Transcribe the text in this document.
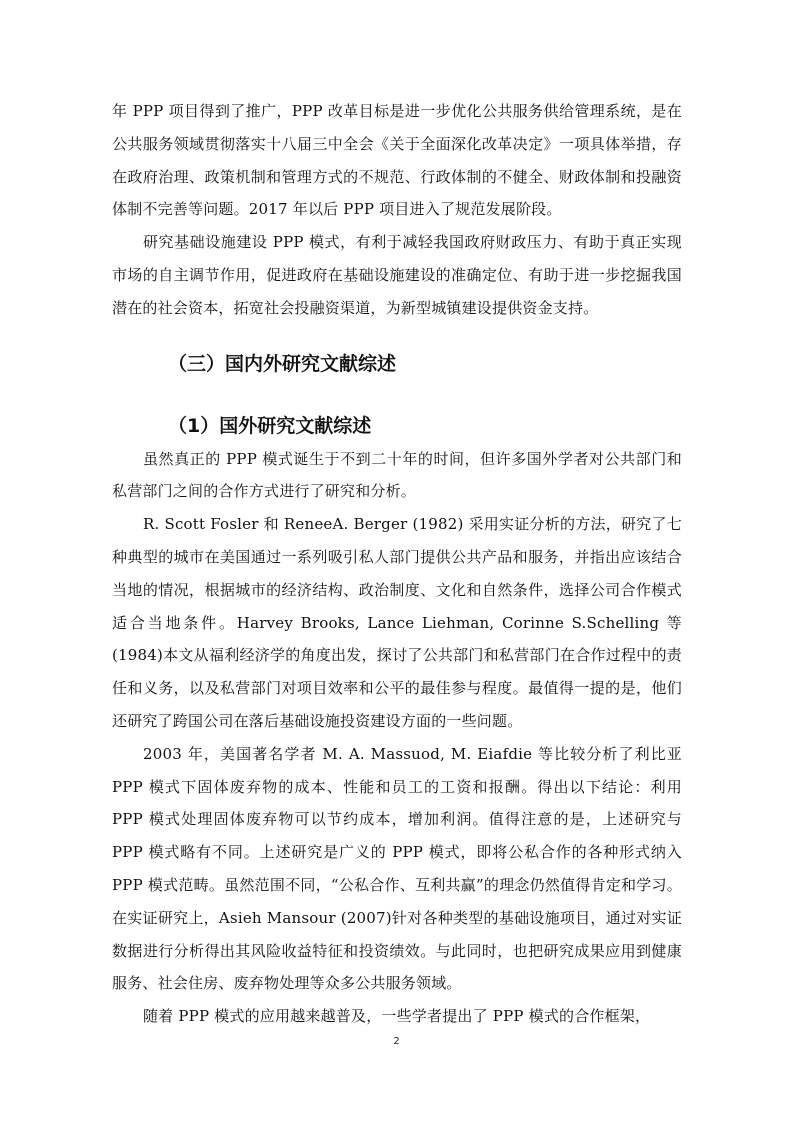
年 PPP 项目得到了推广，PPP 改革目标是进一步优化公共服务供给管理系统，是在公共服务领域贯彻落实十八届三中全会《关于全面深化改革决定》一项具体举措，存在政府治理、政策机制和管理方式的不规范、行政体制的不健全、财政体制和投融资体制不完善等问题。2017 年以后 PPP 项目进入了规范发展阶段。

研究基础设施建设 PPP 模式，有利于减轻我国政府财政压力、有助于真正实现市场的自主调节作用，促进政府在基础设施建设的准确定位、有助于进一步挖掘我国潜在的社会资本，拓宽社会投融资渠道，为新型城镇建设提供资金支持。

（三）国内外研究文献综述
（1）国外研究文献综述

虽然真正的 PPP 模式诞生于不到二十年的时间，但许多国外学者对公共部门和私营部门之间的合作方式进行了研究和分析。

R. Scott Fosler 和 ReneeA. Berger (1982) 采用实证分析的方法，研究了七种典型的城市在美国通过一系列吸引私人部门提供公共产品和服务，并指出应该结合当地的情况，根据城市的经济结构、政治制度、文化和自然条件，选择公司合作模式适合当地条件。Harvey Brooks, Lance Liehman, Corinne S.Schelling 等(1984)本文从福利经济学的角度出发，探讨了公共部门和私营部门在合作过程中的责任和义务，以及私营部门对项目效率和公平的最佳参与程度。最值得一提的是，他们还研究了跨国公司在落后基础设施投资建设方面的一些问题。

2003 年，美国著名学者 M. A. Massuod, M. Eiafdie 等比较分析了利比亚 PPP 模式下固体废弃物的成本、性能和员工的工资和报酬。得出以下结论：利用 PPP 模式处理固体废弃物可以节约成本，增加利润。值得注意的是，上述研究与 PPP 模式略有不同。上述研究是广义的 PPP 模式，即将公私合作的各种形式纳入 PPP 模式范畴。虽然范围不同，“公私合作、互利共赢”的理念仍然值得肯定和学习。在实证研究上，Asieh Mansour (2007)针对各种类型的基础设施项目，通过对实证数据进行分析得出其风险收益特征和投资绩效。与此同时，也把研究成果应用到健康服务、社会住房、废弃物处理等众多公共服务领域。

随着 PPP 模式的应用越来越普及，一些学者提出了 PPP 模式的合作框架，

2
